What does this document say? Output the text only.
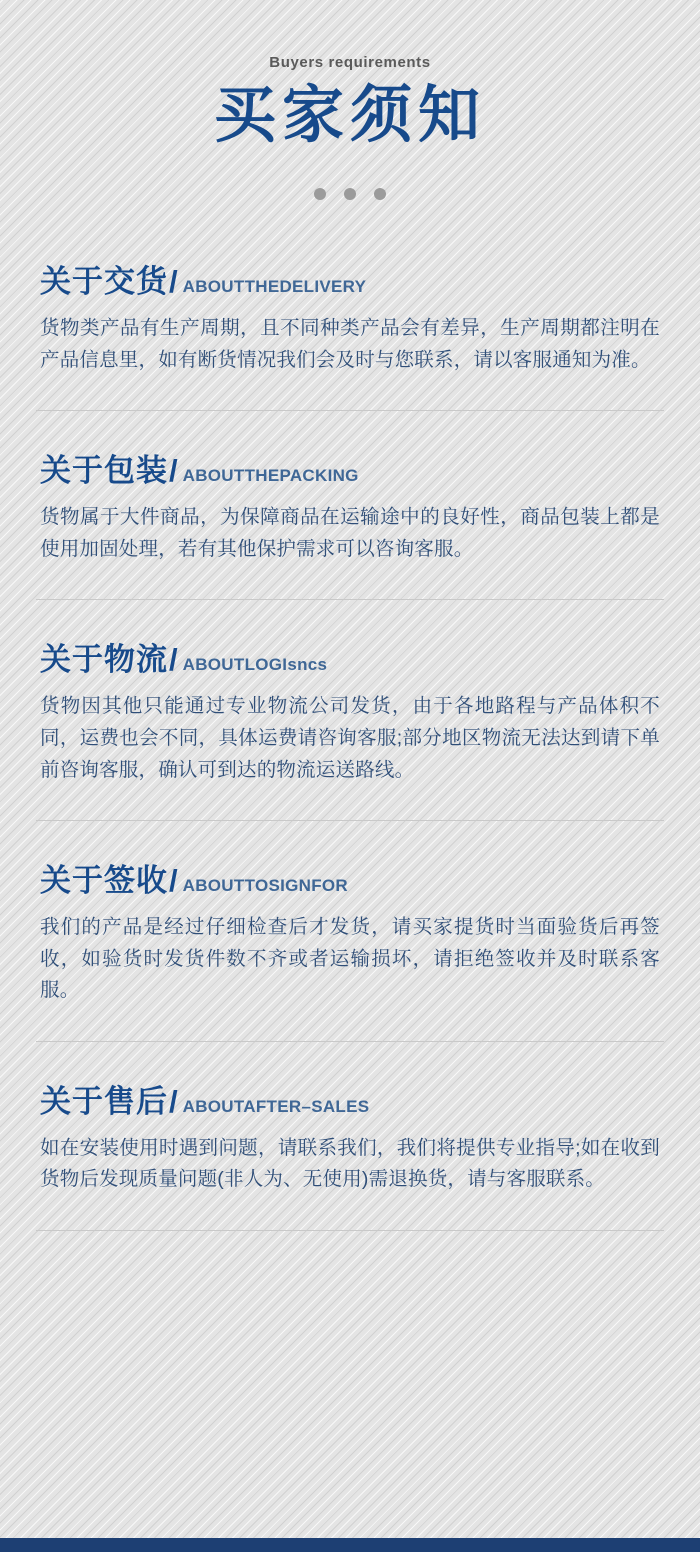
Buyers requirements
买家须知
关于交货 / ABOUTTHEDELIVERY
货物类产品有生产周期，且不同种类产品会有差异，生产周期都注明在产品信息里，如有断货情况我们会及时与您联系，请以客服通知为准。
关于包装 / ABOUTTHEPACKING
货物属于大件商品，为保障商品在运输途中的良好性，商品包装上都是使用加固处理，若有其他保护需求可以咨询客服。
关于物流 / ABOUTLOGIsncs
货物因其他只能通过专业物流公司发货，由于各地路程与产品体积不同，运费也会不同，具体运费请咨询客服;部分地区物流无法达到请下单前咨询客服，确认可到达的物流运送路线。
关于签收 / ABOUTTOSIGNFOR
我们的产品是经过仔细检查后才发货，请买家提货时当面验货后再签收，如验货时发货件数不齐或者运输损坏，请拒绝签收并及时联系客服。
关于售后 / ABOUTAFTER–SALES
如在安装使用时遇到问题，请联系我们，我们将提供专业指导;如在收到货物后发现质量问题(非人为、无使用)需退换货，请与客服联系。
